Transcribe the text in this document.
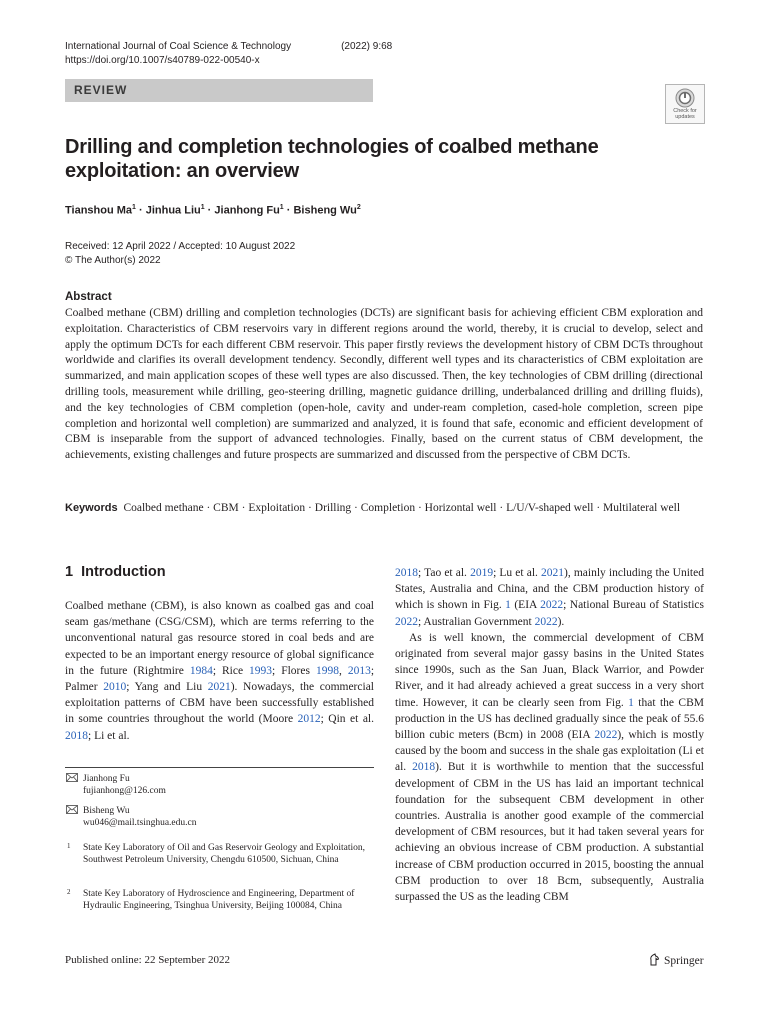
International Journal of Coal Science & Technology	(2022) 9:68
https://doi.org/10.1007/s40789-022-00540-x
REVIEW
Check for
updates
Drilling and completion technologies of coalbed methane exploitation: an overview
Tianshou $Ma^1$ · Jinhua Liu$^1$ · Jianhong $Fu^1$ · Bisheng Wu$^2$
Received: 12 April 2022 / Accepted: 10 August 2022
© The Author(s) 2022
Abstract

Coalbed methane (CBM) drilling and completion technologies (DCTs) are significant basis for achieving efficient CBM exploration and exploitation. Characteristics of CBM reservoirs vary in different regions around the world, thereby, it is crucial to develop, select and apply the optimum DCTs for each different CBM reservoir. This paper firstly reviews the development history of CBM DCTs throughout worldwide and clarifies its overall development tendency. Secondly, different well types and its characteristics of CBM exploitation are summarized, and main application scopes of these well types are also discussed. Then, the key technologies of CBM drilling (directional drilling tools, measurement while drilling, geo-steering drilling, magnetic guidance drilling, underbalanced drilling and drilling fluids), and the key technologies of CBM completion (open-hole, cavity and under-ream completion, cased-hole completion, screen pipe completion and horizontal well completion) are summarized and analyzed, it is found that safe, economic and efficient development of CBM is inseparable from the support of advanced technologies. Finally, based on the current status of CBM development, the achievements, existing challenges and future prospects are summarized and discussed from the perspective of CBM DCTs.

Keywords Coalbed methane · CBM · Exploitation · Drilling · Completion · Horizontal well · L/U/V-shaped well · Multilateral well

1 Introduction

Coalbed methane (CBM), is also known as coalbed gas and coal seam gas/methane (CSG/CSM), which are terms referring to the unconventional natural gas resource stored in coal beds and are expected to be an important energy resource of global significance in the future (Rightmire 1984; Rice 1993; Flores 1998, 2013; Palmer 2010; Yang and Liu 2021). Nowadays, the commercial exploitation patterns of CBM have been successfully established in some countries throughout the world (Moore 2012; Qin et al. 2018; Li et al.

Jianhong Fu
fujianhong@126.com
Bisheng Wu
wu046@mail.tsinghua.edu.cn
1 State Key Laboratory of Oil and Gas Reservoir Geology and Exploitation, Southwest Petroleum University, Chengdu 610500, Sichuan, China
2 State Key Laboratory of Hydroscience and Engineering, Department of Hydraulic Engineering, Tsinghua University, Beijing 100084, China

2018; Tao et al. 2019; Lu et al. 2021), mainly including the United States, Australia and China, and the CBM production history of which is shown in Fig. 1 (EIA 2022; National Bureau of Statistics 2022; Australian Government 2022).

As is well known, the commercial development of CBM originated from several major gassy basins in the United States since 1990s, such as the San Juan, Black Warrior, and Powder River, and it had already achieved a great success in a very short time. However, it can be clearly seen from Fig. 1 that the CBM production in the US has declined gradually since the peak of 55.6 billion cubic meters (Bcm) in 2008 (EIA 2022), which is mostly caused by the boom and success in the shale gas exploitation (Li et al. 2018). But it is worthwhile to mention that the successful development of CBM in the US has laid an important technical foundation for the subsequent CBM development in other countries. Australia is another good example of the commercial development of CBM resources, but it had taken several years for achieving an obvious increase of CBM production. A substantial increase of CBM production occurred in 2015, boosting the annual CBM production to over 18 Bcm, subsequently, Australia surpassed the US as the leading CBM

Published online: 22 September 2022	Springer
